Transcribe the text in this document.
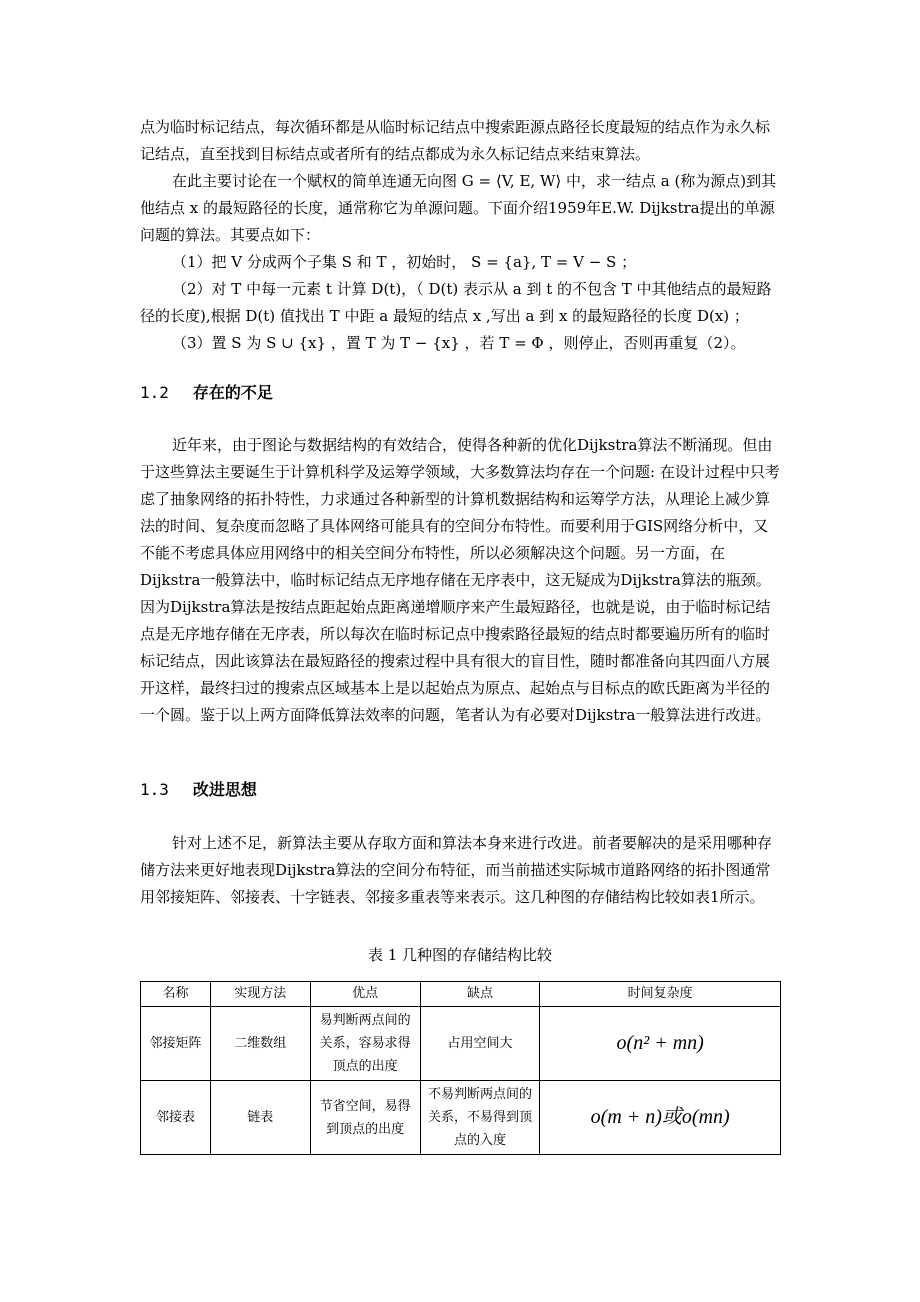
点为临时标记结点，每次循环都是从临时标记结点中搜索距源点路径长度最短的结点作为永久标记结点，直至找到目标结点或者所有的结点都成为永久标记结点来结束算法。

在此主要讨论在一个赋权的简单连通无向图 G = ⟨V, E, W⟩ 中，求一结点 a (称为源点)到其他结点 x 的最短路径的长度，通常称它为单源问题。下面介绍1959年E.W. Dijkstra提出的单源问题的算法。其要点如下：

（1）把 V 分成两个子集 S 和 T ，初始时， S = {a}, T = V − S ；

（2）对 T 中每一元素 t 计算 D(t)，（ D(t) 表示从 a 到 t 的不包含 T 中其他结点的最短路径的长度),根据 D(t) 值找出 T 中距 a 最短的结点 x ,写出 a 到 x 的最短路径的长度 D(x) ；

（3）置 S 为 S ∪ {x} ，置 T 为 T − {x} ，若 T = Φ ，则停止，否则再重复（2）。

1.2 存在的不足

近年来，由于图论与数据结构的有效结合，使得各种新的优化Dijkstra算法不断涌现。但由于这些算法主要诞生于计算机科学及运筹学领域，大多数算法均存在一个问题: 在设计过程中只考虑了抽象网络的拓扑特性，力求通过各种新型的计算机数据结构和运筹学方法，从理论上减少算法的时间、复杂度而忽略了具体网络可能具有的空间分布特性。而要利用于GIS网络分析中，又不能不考虑具体应用网络中的相关空间分布特性，所以必须解决这个问题。另一方面，在Dijkstra一般算法中，临时标记结点无序地存储在无序表中，这无疑成为Dijkstra算法的瓶颈。因为Dijkstra算法是按结点距起始点距离递增顺序来产生最短路径，也就是说，由于临时标记结点是无序地存储在无序表，所以每次在临时标记点中搜索路径最短的结点时都要遍历所有的临时标记结点，因此该算法在最短路径的搜索过程中具有很大的盲目性，随时都准备向其四面八方展开这样，最终扫过的搜索点区域基本上是以起始点为原点、起始点与目标点的欧氏距离为半径的一个圆。鉴于以上两方面降低算法效率的问题，笔者认为有必要对Dijkstra一般算法进行改进。

1.3 改进思想

针对上述不足，新算法主要从存取方面和算法本身来进行改进。前者要解决的是采用哪种存储方法来更好地表现Dijkstra算法的空间分布特征，而当前描述实际城市道路网络的拓扑图通常用邻接矩阵、邻接表、十字链表、邻接多重表等来表示。这几种图的存储结构比较如表1所示。

表 1 几种图的存储结构比较

名称	实现方法	优点	缺点	时间复杂度
邻接矩阵	二维数组	易判断两点间的关系，容易求得顶点的出度	占用空间大	o(n² + mn)
邻接表	链表	节省空间，易得到顶点的出度	不易判断两点间的关系，不易得到顶点的入度	o(m + n)或o(mn)
